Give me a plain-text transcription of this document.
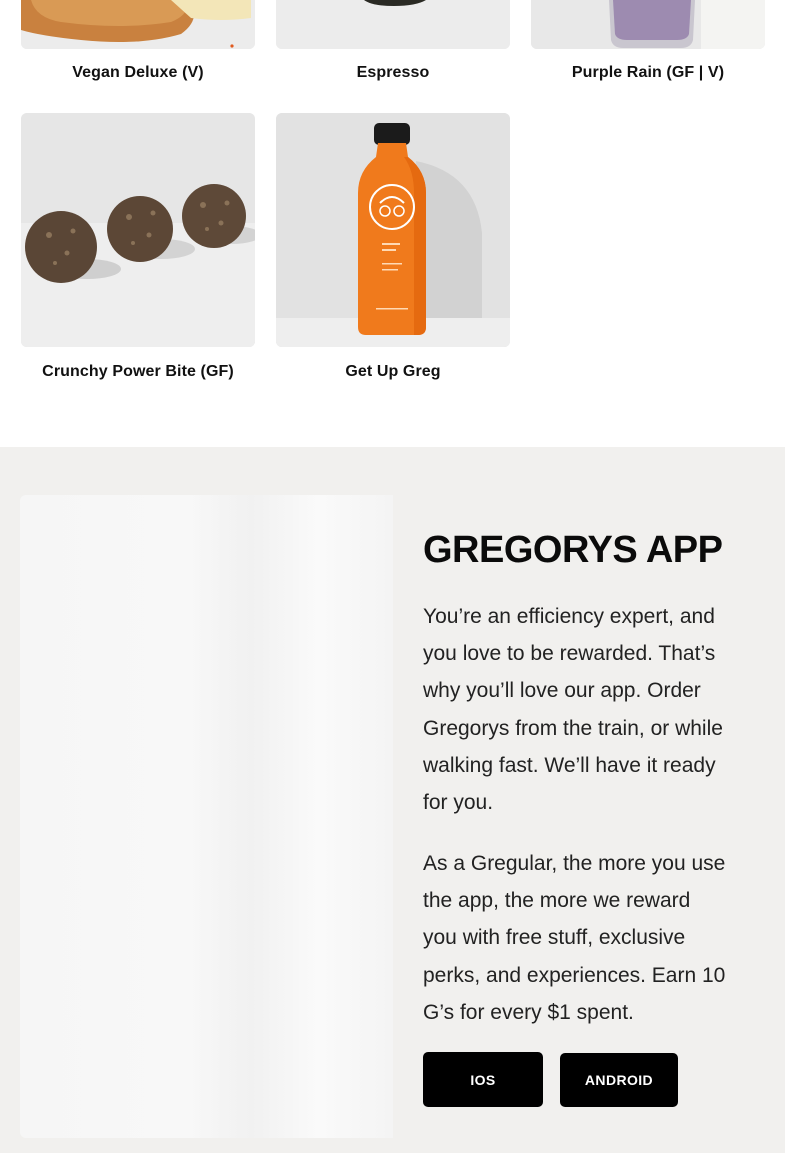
Vegan Deluxe (V)	Espresso	Purple Rain (GF | V)
Crunchy Power Bite (GF)	Get Up Greg
GREGORYS APP

You’re an efficiency expert, and you love to be rewarded. That’s why you’ll love our app. Order Gregorys from the train, or while walking fast. We’ll have it ready for you.

As a Gregular, the more you use the app, the more we reward you with free stuff, exclusive perks, and experiences. Earn 10 G’s for every $1 spent.

IOS	ANDROID
